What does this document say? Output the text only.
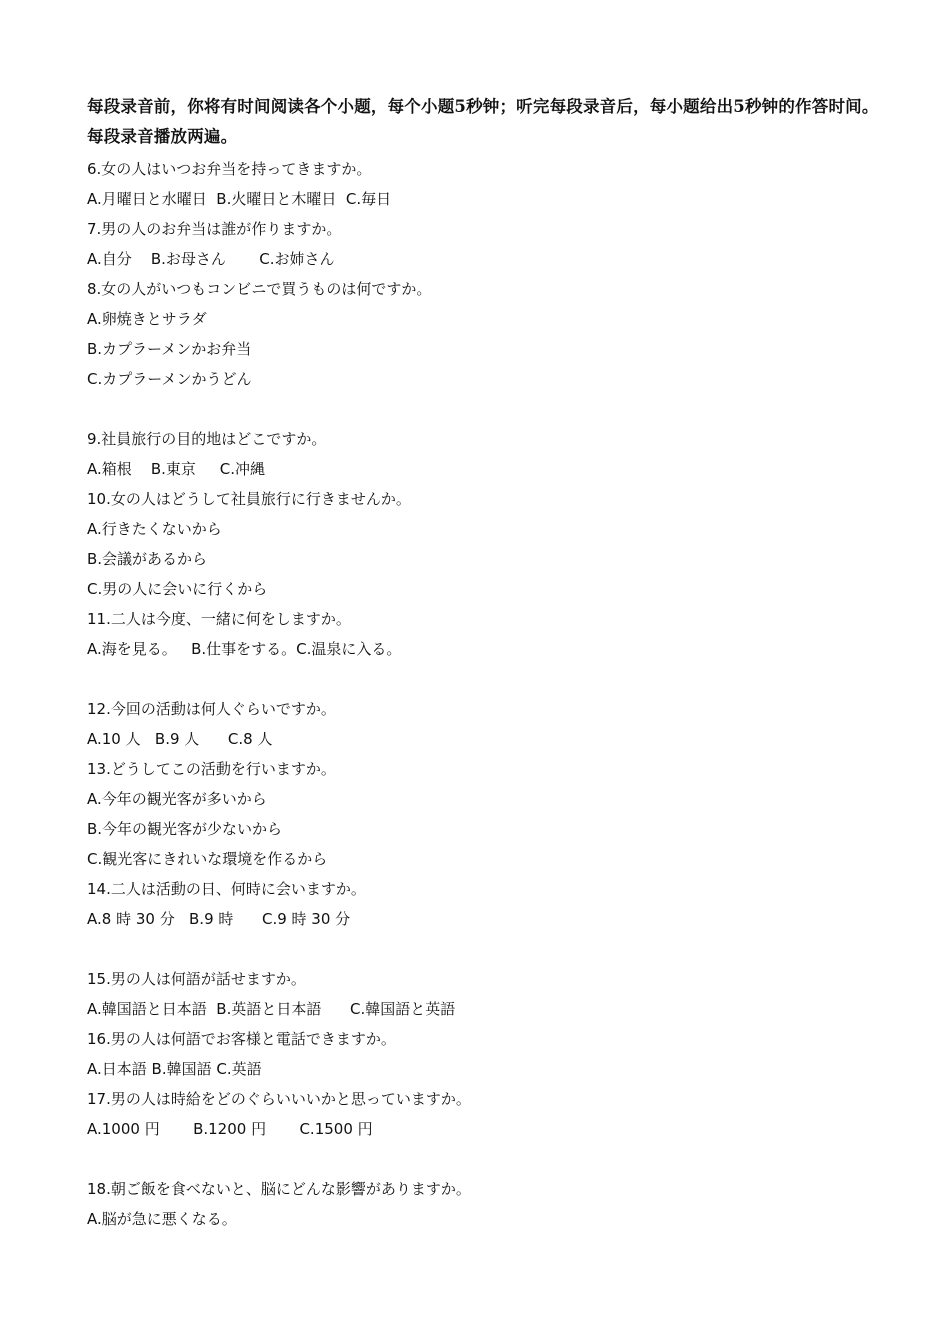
每段录音前，你将有时间阅读各个小题，每个小题5秒钟；听完每段录音后，每小题给出5秒钟的作答时间。每段录音播放两遍。
6.女の人はいつお弁当を持ってきますか。
A.月曜日と水曜日  B.火曜日と木曜日  C.毎日
7.男の人のお弁当は誰が作りますか。
A.自分    B.お母さん       C.お姉さん
8.女の人がいつもコンビニで買うものは何ですか。
A.卵焼きとサラダ
B.カプラーメンかお弁当
C.カプラーメンかうどん
9.社員旅行の目的地はどこですか。
A.箱根    B.東京     C.冲縄
10.女の人はどうして社員旅行に行きませんか。
A.行きたくないから
B.会議があるから
C.男の人に会いに行くから
11.二人は今度、一緒に何をしますか。
A.海を見る。   B.仕事をする。C.温泉に入る。
12.今回の活動は何人ぐらいですか。
A.10 人   B.9 人      C.8 人
13.どうしてこの活動を行いますか。
A.今年の観光客が多いから
B.今年の観光客が少ないから
C.観光客にきれいな環境を作るから
14.二人は活動の日、何時に会いますか。
A.8 時 30 分   B.9 時      C.9 時 30 分
15.男の人は何語が話せますか。
A.韓国語と日本語  B.英語と日本語      C.韓国語と英語
16.男の人は何語でお客様と電話できますか。
A.日本語 B.韓国語 C.英語
17.男の人は時給をどのぐらいいいかと思っていますか。
A.1000 円       B.1200 円       C.1500 円
18.朝ご飯を食べないと、脳にどんな影響がありますか。
A.脳が急に悪くなる。
